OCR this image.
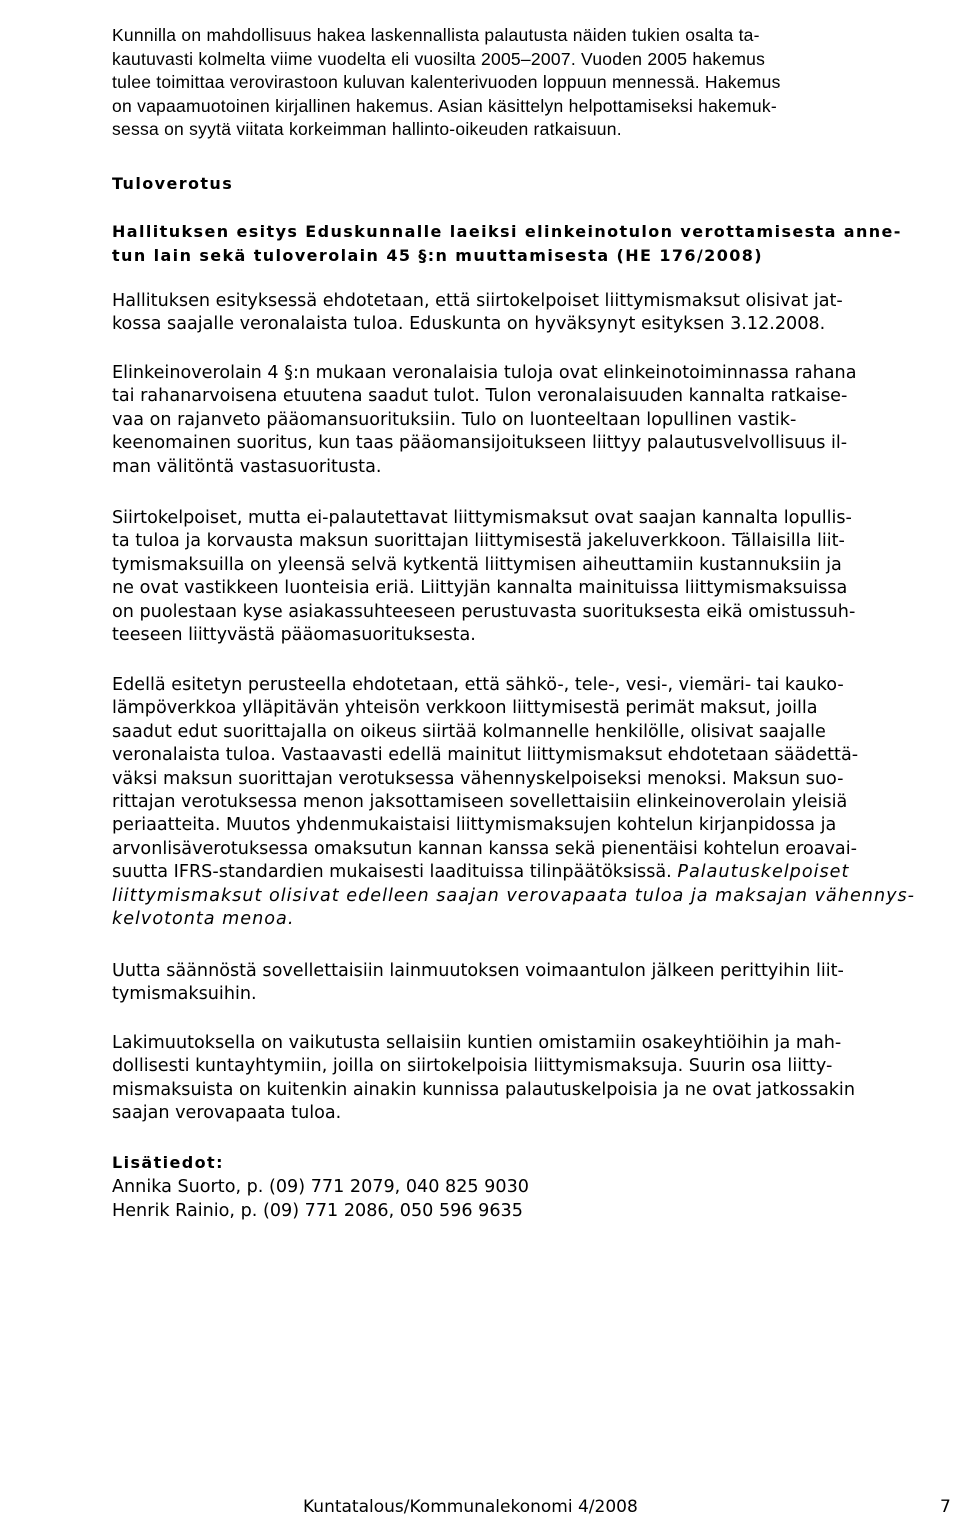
Kunnilla on mahdollisuus hakea laskennallista palautusta näiden tukien osalta ta-
kautuvasti kolmelta viime vuodelta eli vuosilta 2005–2007. Vuoden 2005 hakemus
tulee toimittaa verovirastoon kuluvan kalenterivuoden loppuun mennessä. Hakemus
on vapaamuotoinen kirjallinen hakemus. Asian käsittelyn helpottamiseksi hakemuk-
sessa on syytä viitata korkeimman hallinto-oikeuden ratkaisuun.

Tuloverotus
Hallituksen esitys Eduskunnalle laeiksi elinkeinotulon verottamisesta anne-
tun lain sekä tuloverolain 45 §:n muuttamisesta (HE 176/2008)

Hallituksen esityksessä ehdotetaan, että siirtokelpoiset liittymismaksut olisivat jat-
kossa saajalle veronalaista tuloa. Eduskunta on hyväksynyt esityksen 3.12.2008.

Elinkeinoverolain 4 §:n mukaan veronalaisia tuloja ovat elinkeinotoiminnassa rahana
tai rahanarvoisena etuutena saadut tulot. Tulon veronalaisuuden kannalta ratkaise-
vaa on rajanveto pääomansuorituksiin. Tulo on luonteeltaan lopullinen vastik-
keenomainen suoritus, kun taas pääomansijoitukseen liittyy palautusvelvollisuus il-
man välitöntä vastasuoritusta.

Siirtokelpoiset, mutta ei-palautettavat liittymismaksut ovat saajan kannalta lopullis-
ta tuloa ja korvausta maksun suorittajan liittymisestä jakeluverkkoon. Tällaisilla liit-
tymismaksuilla on yleensä selvä kytkentä liittymisen aiheuttamiin kustannuksiin ja
ne ovat vastikkeen luonteisia eriä. Liittyjän kannalta mainituissa liittymismaksuissa
on puolestaan kyse asiakassuhteeseen perustuvasta suorituksesta eikä omistussuh-
teeseen liittyvästä pääomasuorituksesta.

Edellä esitetyn perusteella ehdotetaan, että sähkö-, tele-, vesi-, viemäri- tai kauko-
lämpöverkkoa ylläpitävän yhteisön verkkoon liittymisestä perimät maksut, joilla
saadut edut suorittajalla on oikeus siirtää kolmannelle henkilölle, olisivat saajalle
veronalaista tuloa. Vastaavasti edellä mainitut liittymismaksut ehdotetaan säädettä-
väksi maksun suorittajan verotuksessa vähennyskelpoiseksi menoksi. Maksun suo-
rittajan verotuksessa menon jaksottamiseen sovellettaisiin elinkeinoverolain yleisiä
periaatteita. Muutos yhdenmukaistaisi liittymismaksujen kohtelun kirjanpidossa ja
arvonlisäverotuksessa omaksutun kannan kanssa sekä pienentäisi kohtelun eroavai-
suutta IFRS-standardien mukaisesti laadituissa tilinpäätöksissä. Palautuskelpoiset
liittymismaksut olisivat edelleen saajan verovapaata tuloa ja maksajan vähennys-
kelvotonta menoa.

Uutta säännöstä sovellettaisiin lainmuutoksen voimaantulon jälkeen perittyihin liit-
tymismaksuihin.

Lakimuutoksella on vaikutusta sellaisiin kuntien omistamiin osakeyhtiöihin ja mah-
dollisesti kuntayhtymiin, joilla on siirtokelpoisia liittymismaksuja. Suurin osa liitty-
mismaksuista on kuitenkin ainakin kunnissa palautuskelpoisia ja ne ovat jatkossakin
saajan verovapaata tuloa.

Lisätiedot:

Annika Suorto, p. (09) 771 2079, 040 825 9030

Henrik Rainio, p. (09) 771 2086, 050 596 9635

Kuntatalous/Kommunalekonomi 4/2008	7
